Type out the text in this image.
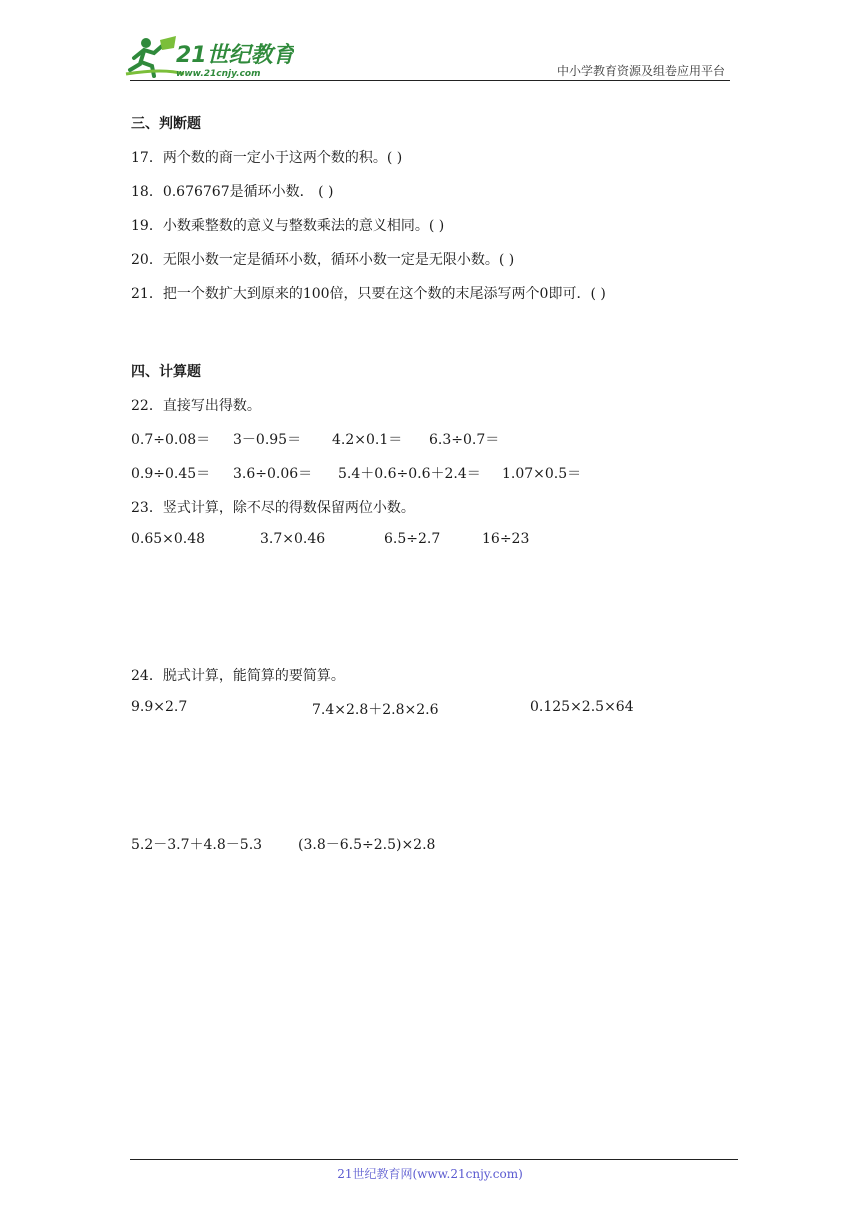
21世纪教育
www.21cnjy.com	中小学教育资源及组卷应用平台
三、判断题
17．两个数的商一定小于这两个数的积。( )
18．0.676767是循环小数． ( )
19．小数乘整数的意义与整数乘法的意义相同。( )
20．无限小数一定是循环小数，循环小数一定是无限小数。( )
21．把一个数扩大到原来的100倍，只要在这个数的末尾添写两个0即可．( )
四、计算题
22．直接写出得数。
0.7÷0.08＝ 3－0.95＝ 4.2×0.1＝ 6.3÷0.7＝
0.9÷0.45＝ 3.6÷0.06＝ 5.4＋0.6÷0.6＋2.4＝ 1.07×0.5＝
23．竖式计算，除不尽的得数保留两位小数。
0.65×0.48	3.7×0.46	6.5÷2.7	16÷23
24．脱式计算，能简算的要简算。
9.9×2.7	7.4×2.8＋2.8×2.6	0.125×2.5×64
5.2－3.7＋4.8－5.3	(3.8－6.5÷2.5)×2.8
21世纪教育网(www.21cnjy.com)
